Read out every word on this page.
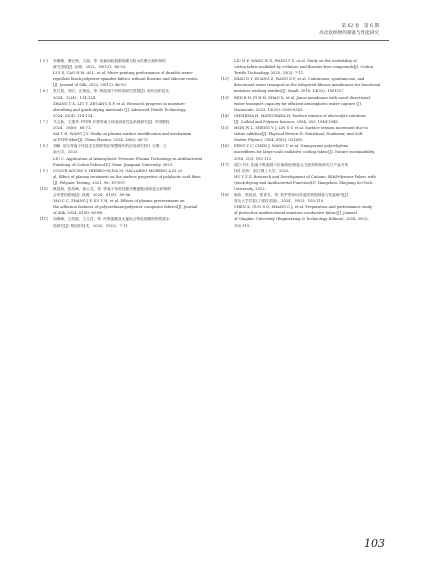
第 62 卷　第 6 期
亮皮软织物的制备与性能研究
[ 5 ]	李珊珊，曹红梅，王丽，等. 免氟和硅树脂的碳与防水性聚合物织物的
研究进展[J]. 丝绸，2022，59(12)：46-53.
LI S S, CAO H M, AI L, et al. Micro-printing performance of durable water-
repellent black polyester-spandex fabrics without fluorine and silicone resins
[J]. Journal of Silk, 2022, 59(12): 46-53.
[ 6 ]	张月星，刘宏，庄海品，等. 吸湿速干材料的研究进展[J]. 现代纺织技术，
2024，32(4)：114-124.
ZHANG Y X, LIU Y, ZHUANG X P, et al. Research progress in moisture-
absorbing and quick-drying materials [J]. Advanced Textile Technology,
2024, 32(4): 114-124.
[ 7 ]	马文新，王建华. PTFE 纤维等离子体表面改性及机理研究[J]. 中国塑料，
2024，38(6)：66-71.
MA Y H, WANG J Y. Study on plasma surface modification and mechanism
of PTFE fiber[J]. China Plastics, 2024, 38(6): 66-71.
[ 8 ]	刘畅. 常压等离子体技术在棉织物抗氧整理中的应用研究[D]. 无锡：江
南大学，2023.
LIU C. Application of Atmospheric Pressure Plasma Technology in Antibacterial
Finishing of Cotton Fabrics[D]. Wuxi: Jiangnan University, 2023.
[ 9 ]	LUQUE-AGUDO V, HIERRO-OLIVA M, GALLARDO-MORENO A M, et
al. Effect of plasma treatment on the surface properties of polylactic acid films
[J]. Polymer Testing, 2021, 96: 107097.
[10]	姚春晨，张浩峰，徐云龙，等. 等离子体预处理对聚氨酯/涤纶复合织物附
合牢度的影响[J]. 丝绸，2024，61(8)：80-86.
YAO C C, ZHANG J F, XU Y H, et al. Effects of plasma pretreatment on
the adhesion fastness of polyurethane/polyester composite fabrics[J]. Journal
of Silk, 2024, 61(8): 80-86.
[11]	刘海峰，王浩蔚，王文祥，等. 纤维素酶及无氟化合物处理棉织物的疏水
性研究[J]. 棉纺织技术，2025，53(2)：7-11.
LIU H F, WANG W X, WANG Y Z, et al. Study on the wettability of
cotton fabric modified by cellulase and fluorine-free compounds[J]. Cotton
Textile Technology, 2025, 53(2): 7-11.
[12]	MIAO D Y, HUANG Z, WANG X F, et al. Continuous, spontaneous, and
directional water transport in the trilayered fibrous membranes for functional
moisture wicking textiles[J]. Small, 2018, 14(32): 1801527.
[13]	REN B N, PI H H, ZHAO X, et al. Janus membrane with novel directional
water transport capacity for efficient atmospheric water capture [J].
Nanoscale, 2023, 15(20): 9356-9363.
[14]	OHSHIMA H, MATSUBARA H. Surface tension of electrolyte solutions
[J]. Colloid and Polymer Science, 2004, 282: 1044-1048.
[15]	HSIN W L, SHENG Y J, LIN S Y, et al. Surface tension increment due to
solute addition[J]. Physical Review E: Statistical, Nonlinear, and Soft
Matter Physics, 2004, 69(3): 031605.
[16]	PENG Y C, CHEN J, WANG Y, et al. Nanoporous polyethylene
microfibres for large-scale radiative cooling fabric[J]. Nature sustainability,
2018, 1(2): 105-112.
[17]	胡立中洋. 阳离子吸湿排干抗菌涤纶/棉复合交织织物的研究与产品开发
[D]. 杭州：浙江理工大学，2022.
HU Y Z Z. Research and Development of Cationic Silk/Polyester Fabric with
Quick-drying and Antibacterial Function[D]. Hangzhou: Zhejiang Sci-Tech
University, 2022.
[18]	陈欣，孤传清，张卯月，等. 防护型单向导湿织物的制备与性能研究[J].
青岛大学学报(工程技术版)，2024，39(2)：105-110.
CHEN X, GUO X Q, ZHANG C J, et al. Preparation and performance study
of protective unidirectional moisture conductive fabric[J]. Journal
of Qingdao University (Engineering & Technology Edition), 2024, 39(2):
105-110.
103
